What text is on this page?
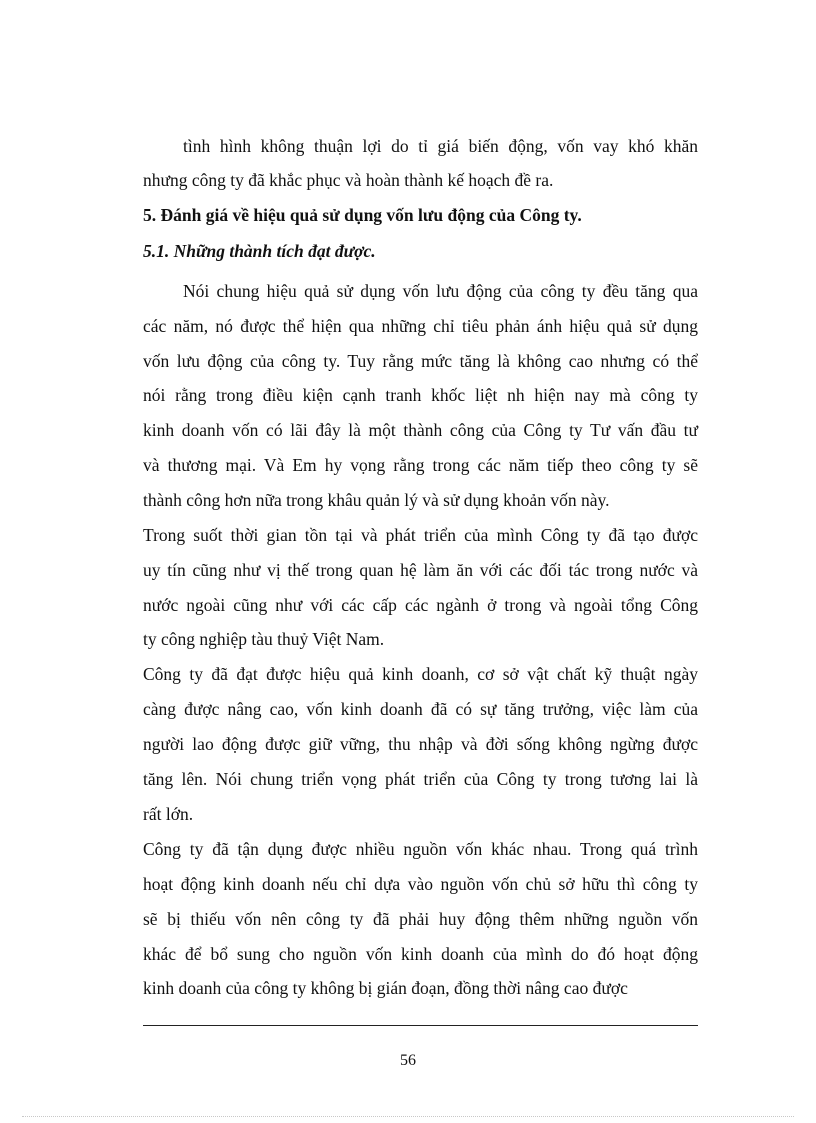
tình hình không thuận lợi do tỉ giá biến động, vốn vay khó khăn
nhưng công ty đã khắc phục và hoàn thành kế hoạch đề ra.
5. Đánh giá về hiệu quả sử dụng vốn lưu động của Công ty.
5.1. Những thành tích đạt được.
Nói chung hiệu quả sử dụng vốn lưu động của công ty đều tăng qua
các năm, nó được thể hiện qua những chỉ tiêu phản ánh hiệu quả sử dụng
vốn lưu động của công ty. Tuy rằng mức tăng là không cao nhưng có thể
nói rằng trong điều kiện cạnh tranh khốc liệt nh hiện nay mà công ty
kinh doanh vốn có lãi đây là một thành công của Công ty Tư vấn đầu tư
và thương mại. Và Em hy vọng rằng trong các năm tiếp theo công ty sẽ
thành công hơn nữa trong khâu quản lý và sử dụng khoản vốn này.
Trong suốt thời gian tồn tại và phát triển của mình Công ty đã tạo được
uy tín cũng như vị thế trong quan hệ làm ăn với các đối tác trong nước và
nước ngoài cũng như với các cấp các ngành ở trong và ngoài tổng Công
ty công nghiệp tàu thuỷ Việt Nam.
Công ty đã đạt được hiệu quả kinh doanh, cơ sở vật chất kỹ thuật ngày
càng được nâng cao, vốn kinh doanh đã có sự tăng trưởng, việc làm của
người lao động được giữ vững, thu nhập và đời sống không ngừng được
tăng lên. Nói chung triển vọng phát triển của Công ty trong tương lai là
rất lớn.
Công ty đã tận dụng được nhiều nguồn vốn khác nhau. Trong quá trình
hoạt động kinh doanh nếu chỉ dựa vào nguồn vốn chủ sở hữu thì công ty
sẽ bị thiếu vốn nên công ty đã phải huy động thêm những nguồn vốn
khác để bổ sung cho nguồn vốn kinh doanh của mình do đó hoạt động
kinh doanh của công ty không bị gián đoạn, đồng thời nâng cao được
56
